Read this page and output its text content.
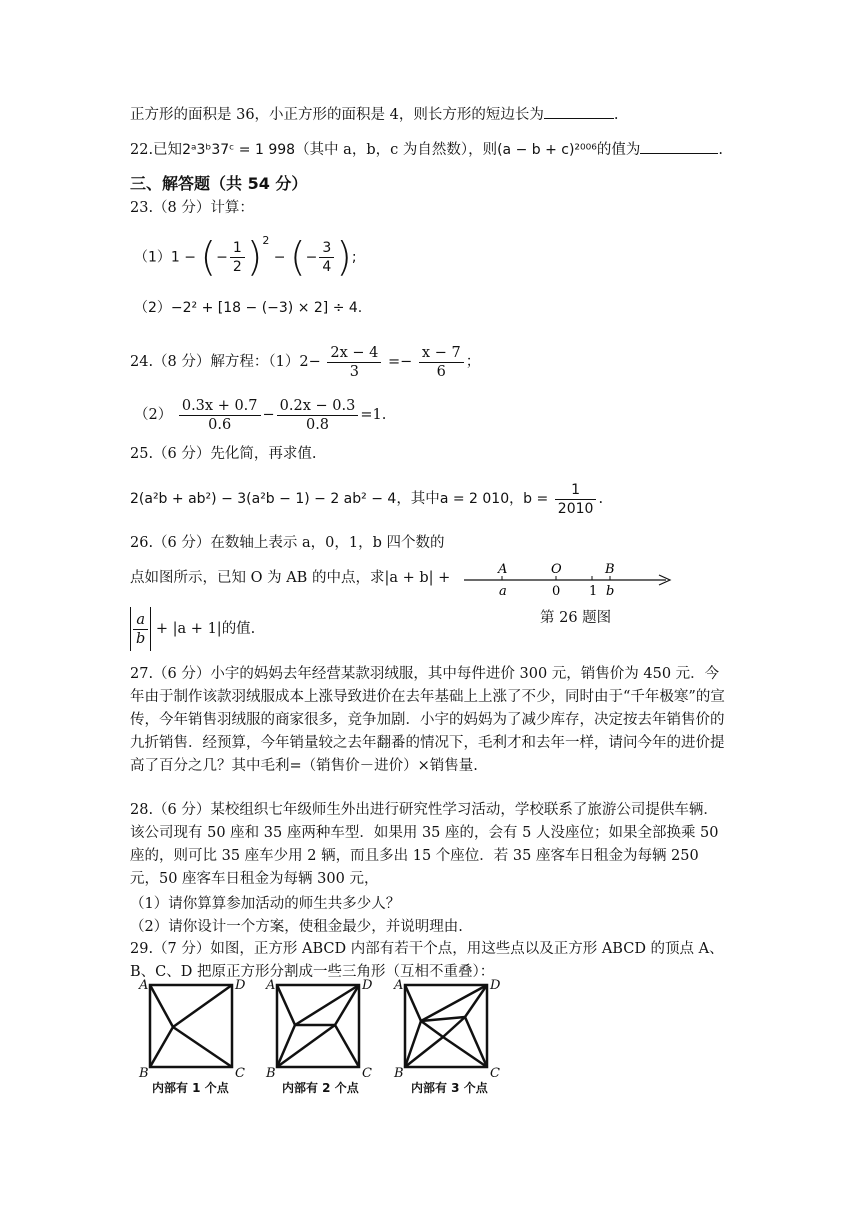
正方形的面积是 36，小正方形的面积是 4，则长方形的短边长为	.
22.已知2ᵃ3ᵇ37ᶜ = 1 998（其中 a，b，c 为自然数），则(a − b + c)²⁰⁰⁶的值为	.
三、解答题（共 54 分）
23.（8 分）计算：
（1）1 − (− $\frac{1}{2} )^2$ − (− $\frac{3}{4}$ );
（2）−2² + [18 − (−3) × 2] ÷ 4.
24.（8 分）解方程：$(1)2- \frac{2x - 4}{3} =- \frac{x - 7}{6}$ ；
$(2) \frac{0.3x + 0.7}{0.6} - \frac{0.2x - 0.3}{0.8} =1$.
25.（6 分）先化简，再求值.
2(a²b + ab²) − 3(a²b − 1) − 2 ab² − 4，其中a = 2 010，$b = \frac{1}{2010}$ .
26.（6 分）在数轴上表示 a，0，1，b 四个数的
点如图所示，已知 O 为 AB 的中点，求|a + b| +
$\frac{a}{b} + |a + 1|$的值.
A	O	B
a	0 1 b
第 26 题图
27.（6 分）小宇的妈妈去年经营某款羽绒服，其中每件进价 300 元，销售价为 450 元．今年由于制作该款羽绒服成本上涨导致进价在去年基础上上涨了不少，同时由于“千年极寒”的宣传，今年销售羽绒服的商家很多，竞争加剧．小宇的妈妈为了减少库存，决定按去年销售价的九折销售．经预算，今年销量较之去年翻番的情况下，毛利才和去年一样，请问今年的进价提高了百分之几？其中毛利=（销售价－进价）×销售量.
28.（6 分）某校组织七年级师生外出进行研究性学习活动，学校联系了旅游公司提供车辆．该公司现有 50 座和 35 座两种车型．如果用 35 座的，会有 5 人没座位；如果全部换乘 50 座的，则可比 35 座车少用 2 辆，而且多出 15 个座位．若 35 座客车日租金为每辆 250 元，50 座客车日租金为每辆 300 元，
（1）请你算算参加活动的师生共多少人？
（2）请你设计一个方案，使租金最少，并说明理由.
29.（7 分）如图，正方形 ABCD 内部有若干个点，用这些点以及正方形 ABCD 的顶点 A、B、C、D 把原正方形分割成一些三角形（互相不重叠）：
A	D
B	C
A	D
B	C
A	D
B	C
内部有 1 个点	内部有 2 个点	内部有 3 个点
